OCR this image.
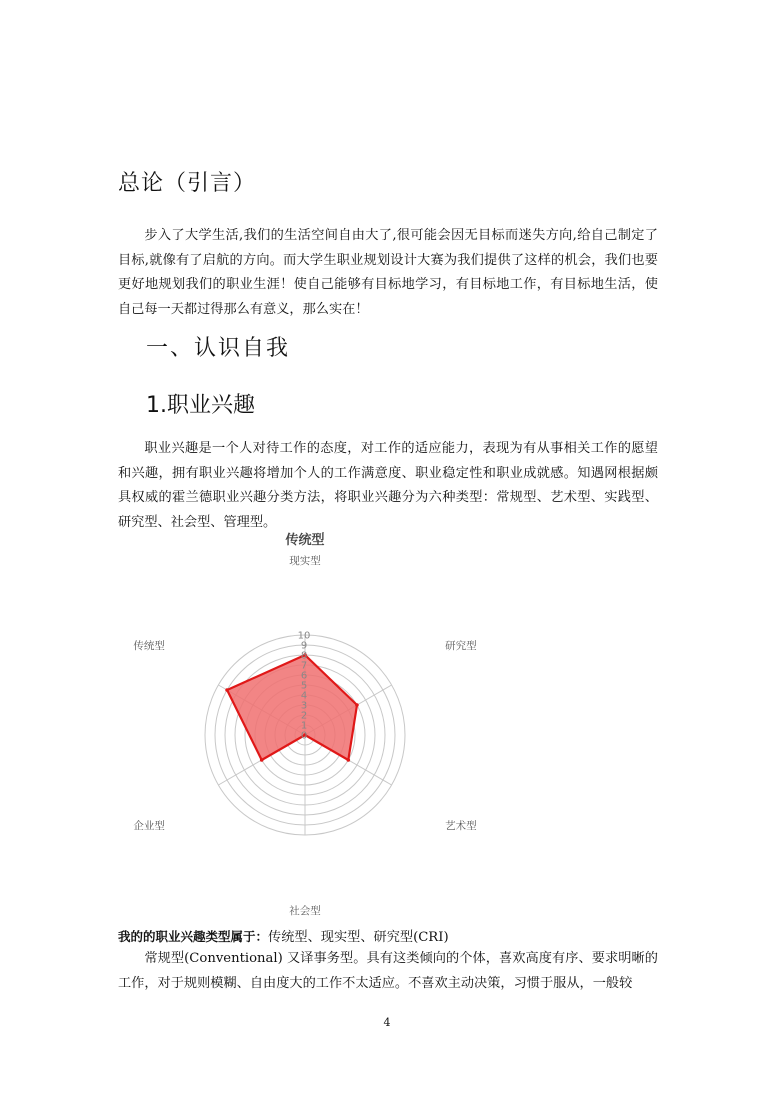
总论（引言）

步入了大学生活,我们的生活空间自由大了,很可能会因无目标而迷失方向,给自己制定了目标,就像有了启航的方向。而大学生职业规划设计大赛为我们提供了这样的机会，我们也要更好地规划我们的职业生涯！使自己能够有目标地学习，有目标地工作，有目标地生活，使自己每一天都过得那么有意义，那么实在！

一、认识自我
1.职业兴趣

职业兴趣是一个人对待工作的态度，对工作的适应能力，表现为有从事相关工作的愿望和兴趣，拥有职业兴趣将增加个人的工作满意度、职业稳定性和职业成就感。知遇网根据颇具权威的霍兰德职业兴趣分类方法，将职业兴趣分为六种类型：常规型、艺术型、实践型、研究型、社会型、管理型。

传统型
0
1
2
3
4
5
6
7
8
9
10
现实型
研究型
艺术型
社会型
企业型
传统型

我的的职业兴趣类型属于：传统型、现实型、研究型(CRI)

常规型(Conventional) 又译事务型。具有这类倾向的个体，喜欢高度有序、要求明晰的工作，对于规则模糊、自由度大的工作不太适应。不喜欢主动决策，习惯于服从，一般较

4
